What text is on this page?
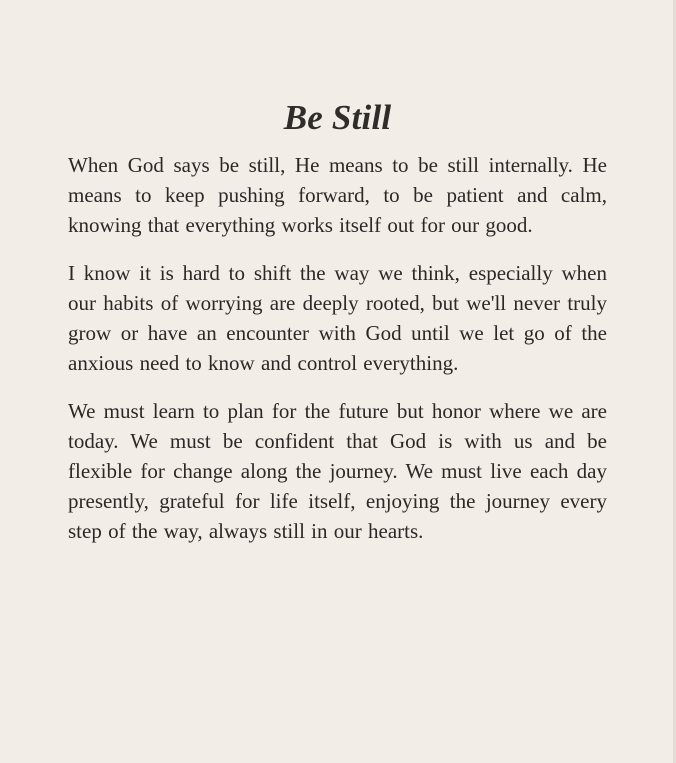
Be Still

When God says be still, He means to be still internally. He means to keep pushing forward, to be patient and calm, knowing that everything works itself out for our good.

I know it is hard to shift the way we think, especially when our habits of worrying are deeply rooted, but we'll never truly grow or have an encounter with God until we let go of the anxious need to know and control everything.

We must learn to plan for the future but honor where we are today. We must be confident that God is with us and be flexible for change along the journey. We must live each day presently, grateful for life itself, enjoying the journey every step of the way, always still in our hearts.
